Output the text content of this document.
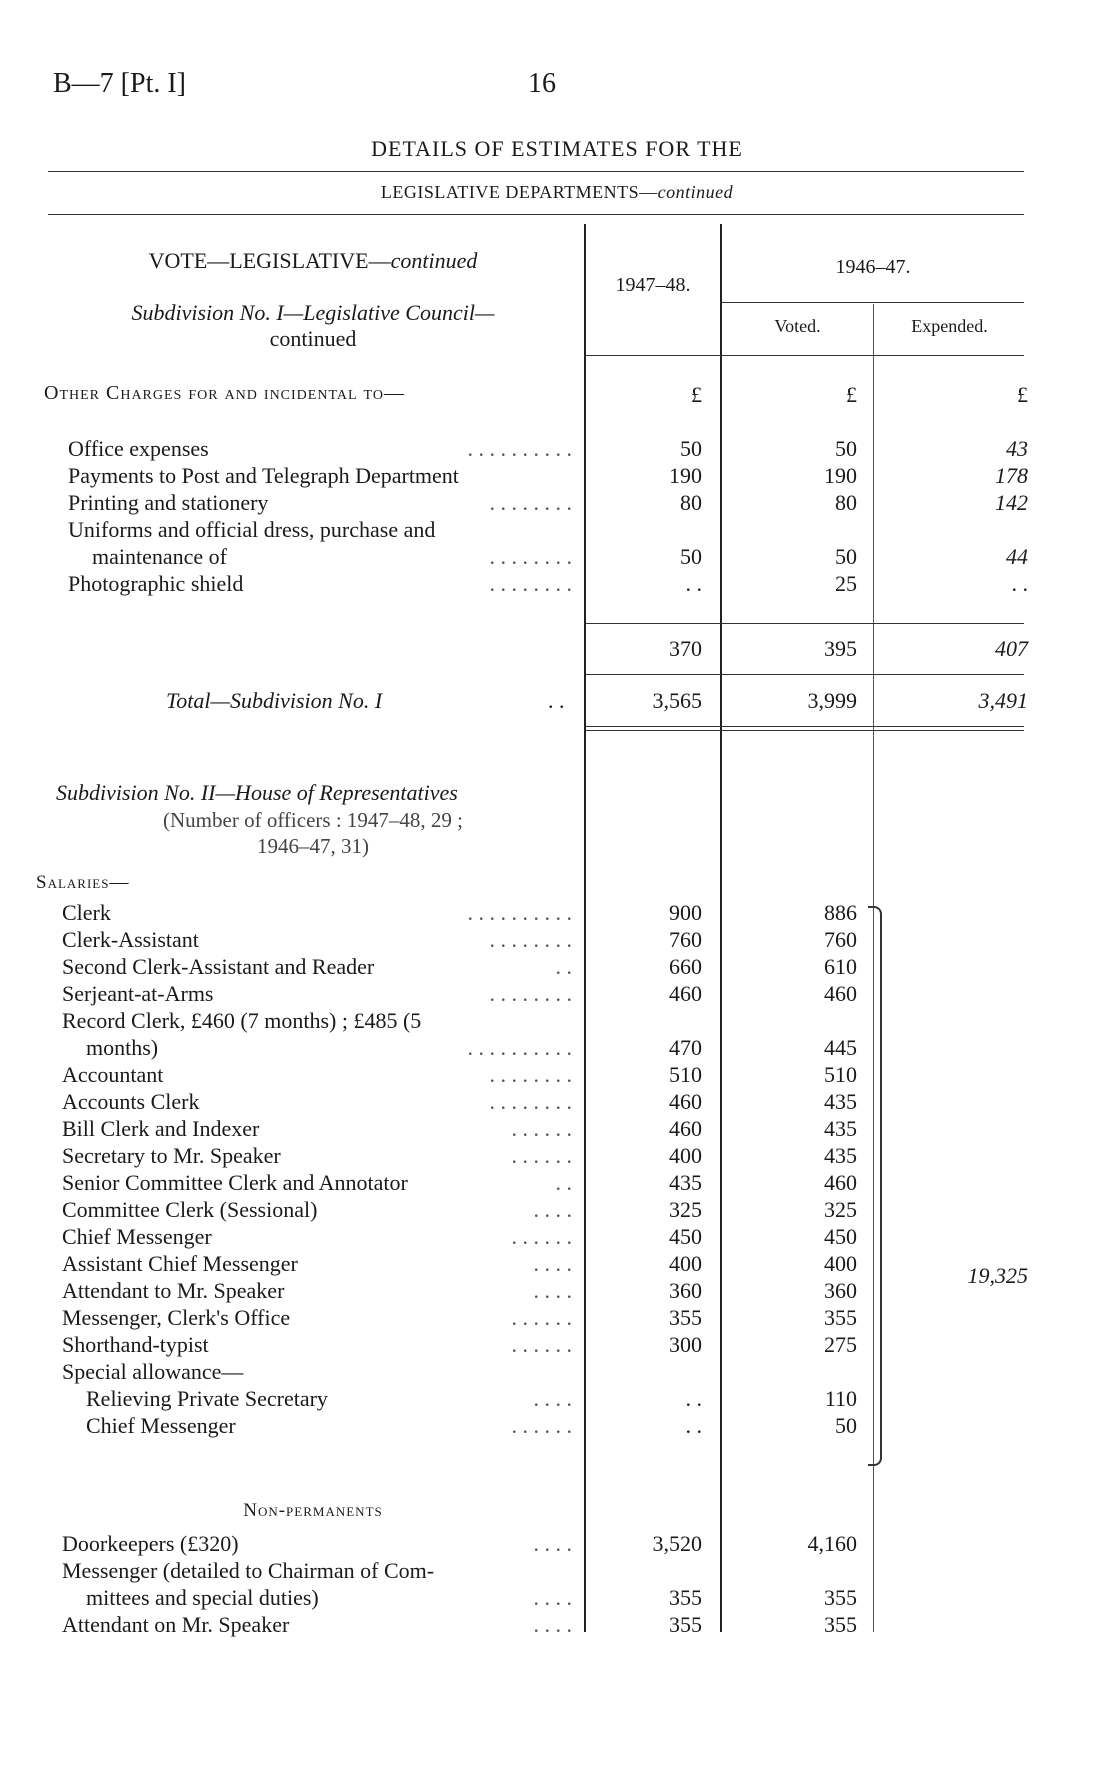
B—7 [Pt. I]	16
DETAILS OF ESTIMATES FOR THE
LEGISLATIVE DEPARTMENTS—continued
1947–48.
1946–47.
Voted.	Expended.
VOTE—LEGISLATIVE—continued
Subdivision No. I—Legislative Council—
continued
Other Charges for and incidental to—	£	£	£
Office expenses	. . . . . . . . . .	50	50	43
Payments to Post and Telegraph Department	190	190	178
Printing and stationery	. . . . . . . .	80	80	142
Uniforms and official dress, purchase and
maintenance of	. . . . . . . .	50	50	44
Photographic shield	. . . . . . . .	. .	25	. .
370	395	407
Total—Subdivision No. I	. .	3,565	3,999	3,491
Subdivision No. II—House of Representatives
(Number of officers : 1947–48, 29 ;
1946–47, 31)
Salaries—
Clerk	. . . . . . . . . .	900	886
Clerk-Assistant	. . . . . . . .	760	760
Second Clerk-Assistant and Reader	. .	660	610
Serjeant-at-Arms	. . . . . . . .	460	460
Record Clerk, £460 (7 months) ; £485 (5
months)	. . . . . . . . . .	470	445
Accountant	. . . . . . . .	510	510
Accounts Clerk	. . . . . . . .	460	435
Bill Clerk and Indexer	. . . . . .	460	435
Secretary to Mr. Speaker	. . . . . .	400	435
Senior Committee Clerk and Annotator	. .	435	460
Committee Clerk (Sessional)	. . . .	325	325
Chief Messenger	. . . . . .	450	450
Assistant Chief Messenger	. . . .	400	400
Attendant to Mr. Speaker	. . . .	360	360
Messenger, Clerk's Office	. . . . . .	355	355
Shorthand-typist	. . . . . .	300	275
Special allowance—
Relieving Private Secretary	. . . .	. .	110
Chief Messenger	. . . . . .	. .	50
19,325
Non-permanents
Doorkeepers (£320)	. . . .	3,520	4,160
Messenger (detailed to Chairman of Com-
mittees and special duties)	. . . .	355	355
Attendant on Mr. Speaker	. . . .	355	355
